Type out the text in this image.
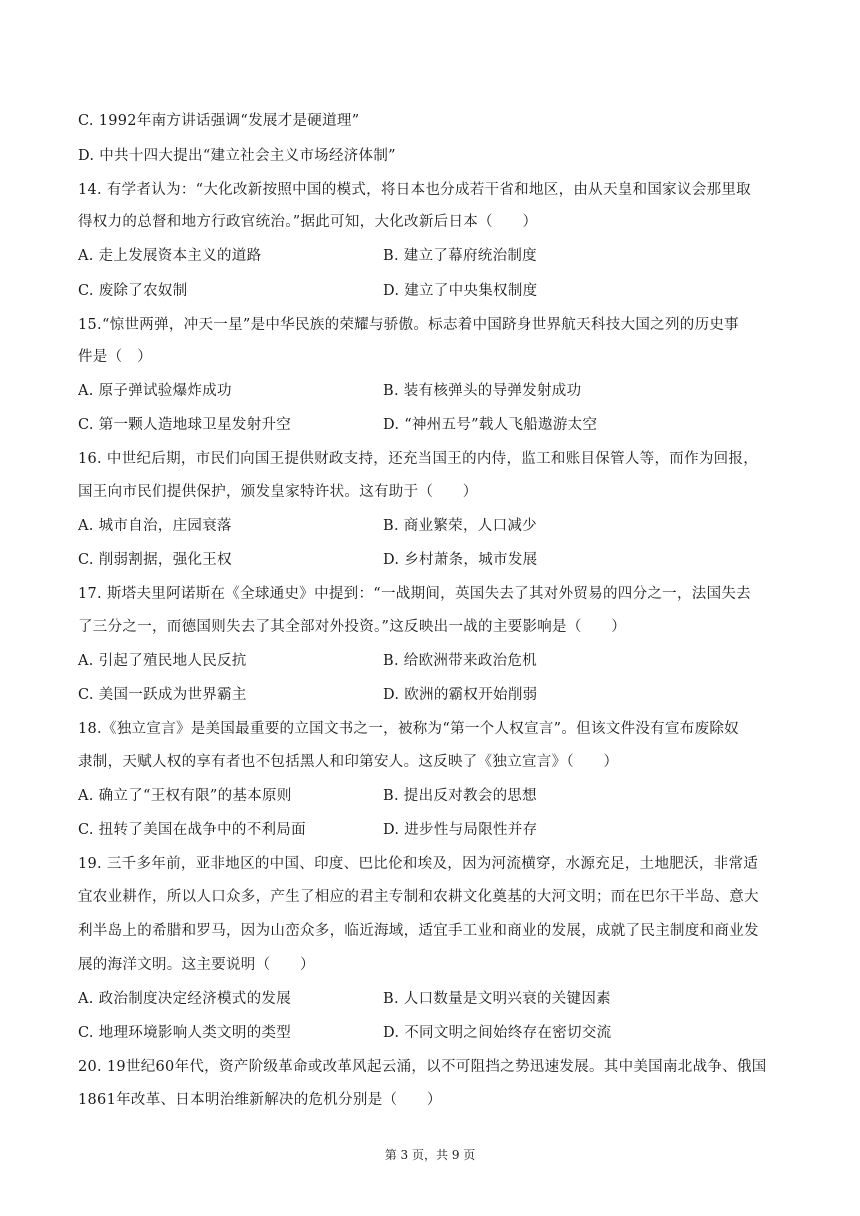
C. 1992年南方讲话强调“发展才是硬道理”
D. 中共十四大提出“建立社会主义市场经济体制”
14. 有学者认为：“大化改新按照中国的模式，将日本也分成若干省和地区，由从天皇和国家议会那里取
得权力的总督和地方行政官统治。”据此可知，大化改新后日本（　　）
A. 走上发展资本主义的道路	B. 建立了幕府统治制度
C. 废除了农奴制	D. 建立了中央集权制度
15.“惊世两弹，冲天一星”是中华民族的荣耀与骄傲。标志着中国跻身世界航天科技大国之列的历史事
件是（　）
A. 原子弹试验爆炸成功	B. 装有核弹头的导弹发射成功
C. 第一颗人造地球卫星发射升空	D. “神州五号”载人飞船遨游太空
16. 中世纪后期，市民们向国王提供财政支持，还充当国王的内侍，监工和账目保管人等，而作为回报，
国王向市民们提供保护，颁发皇家特许状。这有助于（　　）
A. 城市自治，庄园衰落	B. 商业繁荣，人口减少
C. 削弱割据，强化王权	D. 乡村萧条，城市发展
17. 斯塔夫里阿诺斯在《全球通史》中提到：“一战期间，英国失去了其对外贸易的四分之一，法国失去
了三分之一，而德国则失去了其全部对外投资。”这反映出一战的主要影响是（　　）
A. 引起了殖民地人民反抗	B. 给欧洲带来政治危机
C. 美国一跃成为世界霸主	D. 欧洲的霸权开始削弱
18.《独立宣言》是美国最重要的立国文书之一，被称为“第一个人权宣言”。但该文件没有宣布废除奴
隶制，天赋人权的享有者也不包括黑人和印第安人。这反映了《独立宣言》（　　）
A. 确立了“王权有限”的基本原则	B. 提出反对教会的思想
C. 扭转了美国在战争中的不利局面	D. 进步性与局限性并存
19. 三千多年前，亚非地区的中国、印度、巴比伦和埃及，因为河流横穿，水源充足，土地肥沃，非常适
宜农业耕作，所以人口众多，产生了相应的君主专制和农耕文化奠基的大河文明；而在巴尔干半岛、意大
利半岛上的希腊和罗马，因为山峦众多，临近海域，适宜手工业和商业的发展，成就了民主制度和商业发
展的海洋文明。这主要说明（　　）
A. 政治制度决定经济模式的发展	B. 人口数量是文明兴衰的关键因素
C. 地理环境影响人类文明的类型	D. 不同文明之间始终存在密切交流
20. 19世纪60年代，资产阶级革命或改革风起云涌，以不可阻挡之势迅速发展。其中美国南北战争、俄国
1861年改革、日本明治维新解决的危机分别是（　　）
第 3 页，共 9 页
